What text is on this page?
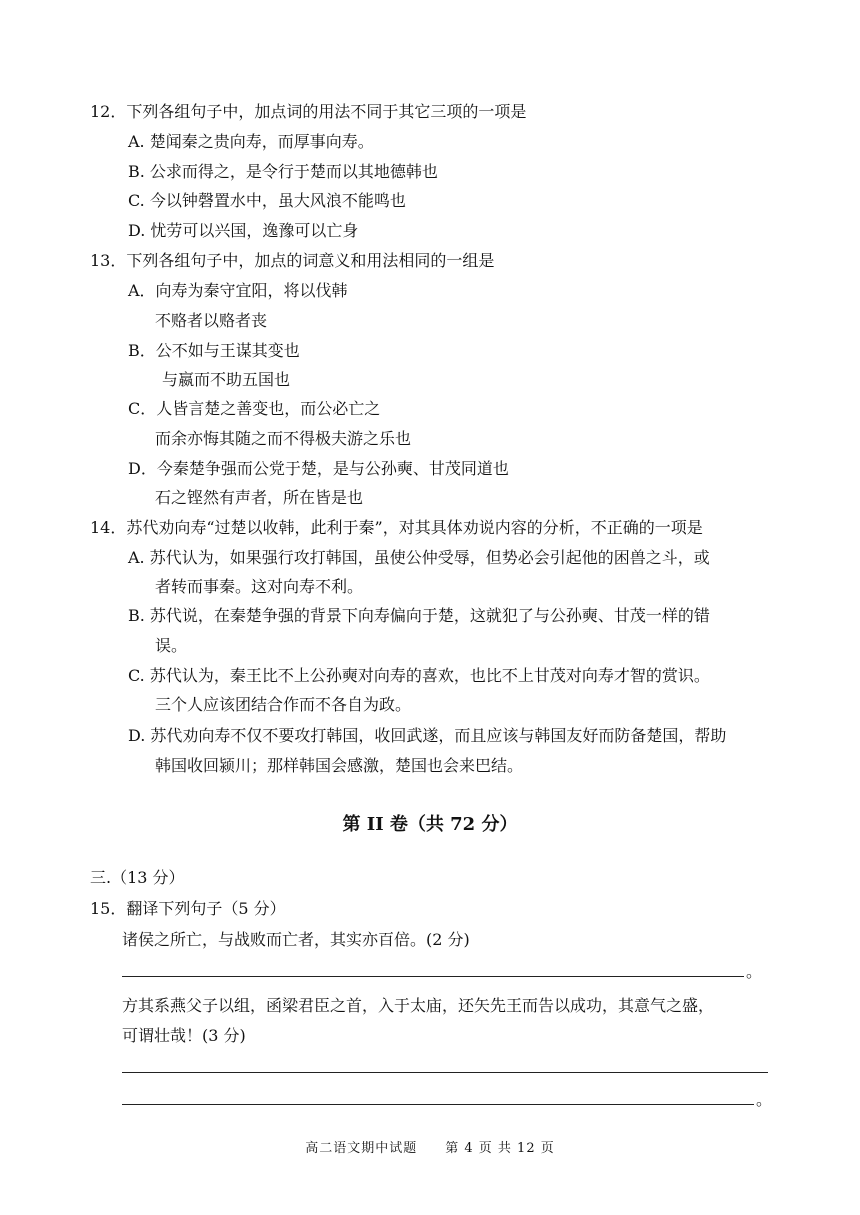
12．下列各组句子中，加点词的用法不同于其它三项的一项是
A. 楚闻秦之贵向寿，而厚事向寿。
B. 公求而得之，是令行于楚而以其地德韩也
C. 今以钟磬置水中，虽大风浪不能鸣也
D. 忧劳可以兴国，逸豫可以亡身
13．下列各组句子中，加点的词意义和用法相同的一组是
A．向寿为秦守宜阳，将以伐韩
不赂者以赂者丧
B．公不如与王谋其变也
与嬴而不助五国也
C．人皆言楚之善变也，而公必亡之
而余亦悔其随之而不得极夫游之乐也
D．今秦楚争强而公党于楚，是与公孙奭、甘茂同道也
石之铿然有声者，所在皆是也
14．苏代劝向寿“过楚以收韩，此利于秦”，对其具体劝说内容的分析，不正确的一项是
A. 苏代认为，如果强行攻打韩国，虽使公仲受辱，但势必会引起他的困兽之斗，或
者转而事秦。这对向寿不利。
B. 苏代说，在秦楚争强的背景下向寿偏向于楚，这就犯了与公孙奭、甘茂一样的错
误。
C. 苏代认为，秦王比不上公孙奭对向寿的喜欢，也比不上甘茂对向寿才智的赏识。
三个人应该团结合作而不各自为政。
D. 苏代劝向寿不仅不要攻打韩国，收回武遂，而且应该与韩国友好而防备楚国，帮助
韩国收回颍川；那样韩国会感激，楚国也会来巴结。
第 II 卷（共 72 分）
三.（13 分）
15．翻译下列句子（5 分）
诸侯之所亡，与战败而亡者，其实亦百倍。(2 分)
。
方其系燕父子以组，函梁君臣之首，入于太庙，还矢先王而告以成功，其意气之盛，
可谓壮哉！(3 分)
。
高二语文期中试题　　第 4 页 共 12 页
